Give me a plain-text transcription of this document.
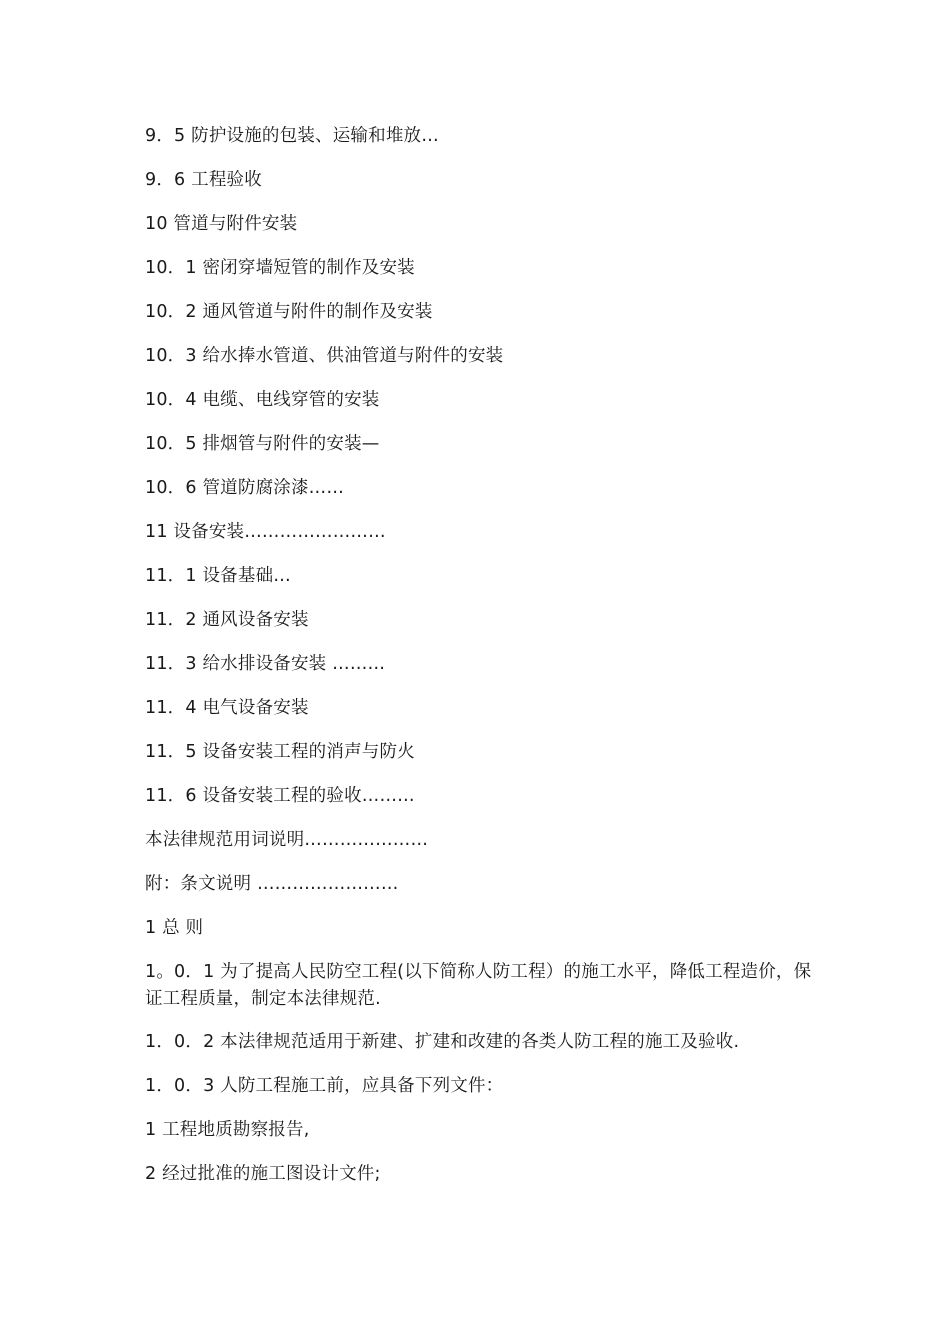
9．5 防护设施的包装、运输和堆放…
9．6 工程验收
10 管道与附件安装
10．1 密闭穿墙短管的制作及安装
10．2 通风管道与附件的制作及安装
10．3 给水捧水管道、供油管道与附件的安装
10．4 电缆、电线穿管的安装
10．5 排烟管与附件的安装—
10．6 管道防腐涂漆……
11 设备安装……………………
11．1 设备基础…
11．2 通风设备安装
11．3 给水排设备安装 ………
11．4 电气设备安装
11．5 设备安装工程的消声与防火
11．6 设备安装工程的验收………
本法律规范用词说明…………………
附：条文说明 ……………………
1 总 则
1。0．1 为了提高人民防空工程(以下简称人防工程）的施工水平，降低工程造价，保证工程质量，制定本法律规范.
1．0．2 本法律规范适用于新建、扩建和改建的各类人防工程的施工及验收.
1．0．3 人防工程施工前，应具备下列文件：
1 工程地质勘察报告,
2 经过批准的施工图设计文件;
